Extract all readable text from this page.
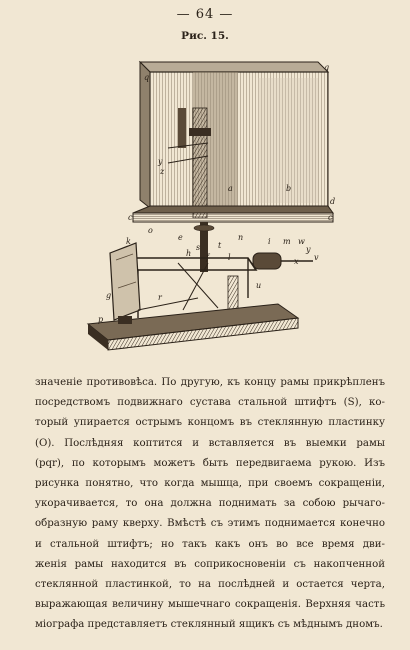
— 64 —
Рис. 15.
q
q
d
y
z
a	b
c	c
k
o
e	n	i m
s
p
r
u
h
g
w
t
f l	v
x
y
значеніе противовѣса. По другую, къ концу рамы прикрѣпленъ
посредствомъ подвижнаго сустава стальной штифтъ (S), ко-
торый упирается острымъ концомъ въ стеклянную пластинку
(O). Послѣдняя коптится и вставляется въ выемки рамы
(pqr), по которымъ можетъ быть передвигаема рукою. Изъ
рисунка понятно, что когда мышца, при своемъ сокращеніи,
укорачивается, то она должна поднимать за собою рычаго-
образную раму кверху. Вмѣстѣ съ этимъ поднимается конечно
и стальной штифтъ; но такъ какъ онъ во все время дви-
женія рамы находится въ соприкосновеніи съ накопченной
стеклянной пластинкой, то на послѣдней и остается черта,
выражающая величину мышечнаго сокращенія. Верхняя часть
міографа представляетъ стеклянный ящикъ съ мѣднымъ дномъ.
